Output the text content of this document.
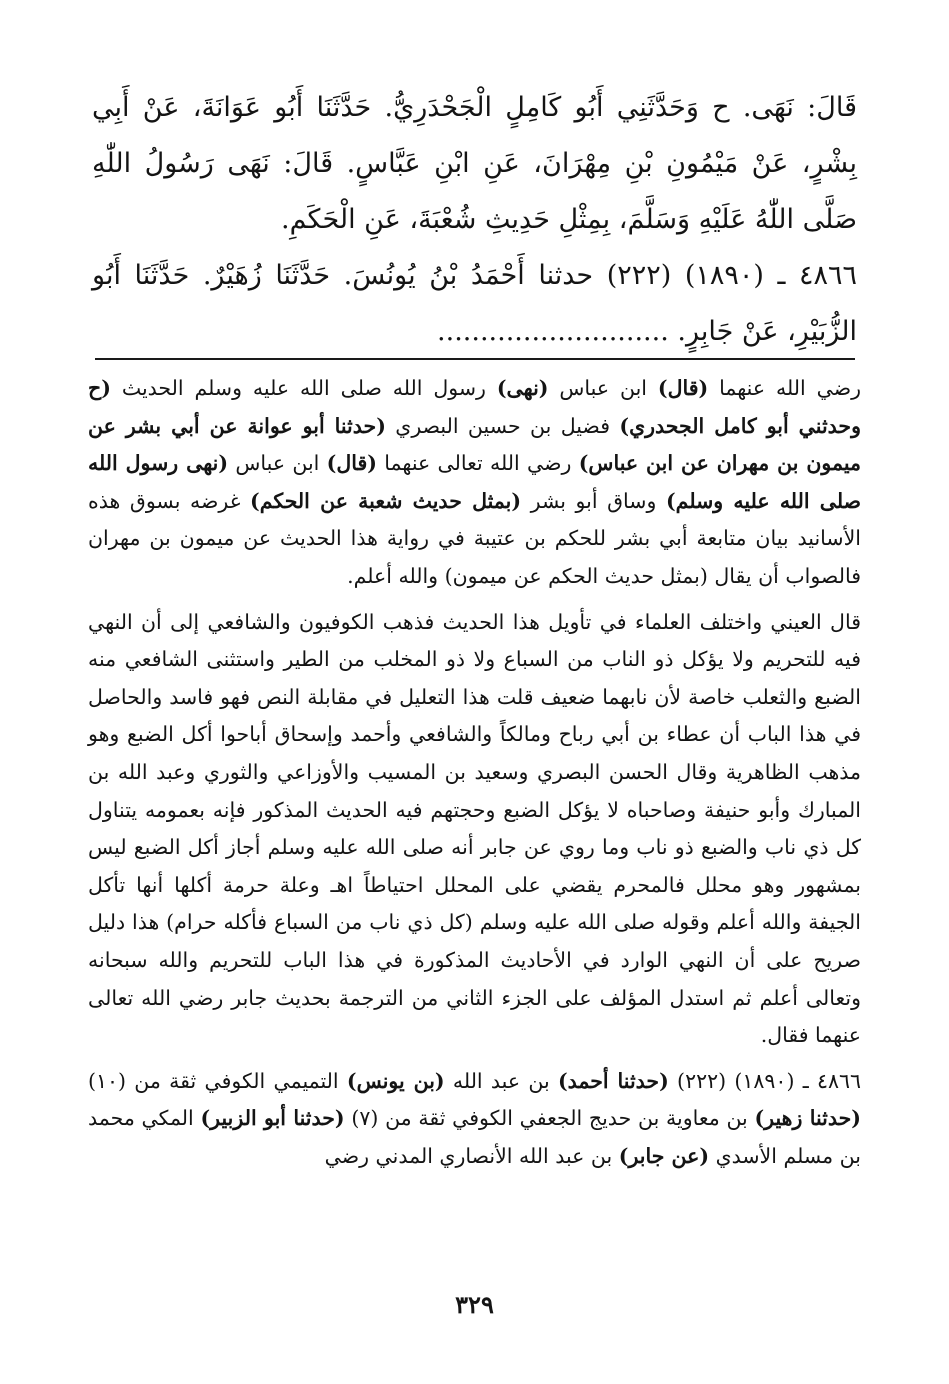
قَالَ: نَهَى. ح وَحَدَّثَنِي أَبُو كَامِلٍ الْجَحْدَرِيُّ. حَدَّثَنَا أَبُو عَوَانَةَ، عَنْ أَبِي بِشْرٍ، عَنْ مَيْمُونِ بْنِ مِهْرَانَ، عَنِ ابْنِ عَبَّاسٍ. قَالَ: نَهَى رَسُولُ اللّٰهِ صَلَّى اللّٰهُ عَلَيْهِ وَسَلَّمَ، بِمِثْلِ حَدِيثِ شُعْبَةَ، عَنِ الْحَكَمِ.

٤٨٦٦ ـ (١٨٩٠) (٢٢٢) حدثنا أَحْمَدُ بْنُ يُونُسَ. حَدَّثَنَا زُهَيْرٌ. حَدَّثَنَا أَبُو الزُّبَيْرِ، عَنْ جَابِرٍ. ...........................

رضي الله عنهما (قال) ابن عباس (نهى) رسول الله صلى الله عليه وسلم الحديث (ح وحدثني أبو كامل الجحدري) فضيل بن حسين البصري (حدثنا أبو عوانة عن أبي بشر عن ميمون بن مهران عن ابن عباس) رضي الله تعالى عنهما (قال) ابن عباس (نهى رسول الله صلى الله عليه وسلم) وساق أبو بشر (بمثل حديث شعبة عن الحكم) غرضه بسوق هذه الأسانيد بيان متابعة أبي بشر للحكم بن عتيبة في رواية هذا الحديث عن ميمون بن مهران فالصواب أن يقال (بمثل حديث الحكم عن ميمون) والله أعلم.

قال العيني واختلف العلماء في تأويل هذا الحديث فذهب الكوفيون والشافعي إلى أن النهي فيه للتحريم ولا يؤكل ذو الناب من السباع ولا ذو المخلب من الطير واستثنى الشافعي منه الضبع والثعلب خاصة لأن نابهما ضعيف قلت هذا التعليل في مقابلة النص فهو فاسد والحاصل في هذا الباب أن عطاء بن أبي رباح ومالكاً والشافعي وأحمد وإسحاق أباحوا أكل الضبع وهو مذهب الظاهرية وقال الحسن البصري وسعيد بن المسيب والأوزاعي والثوري وعبد الله بن المبارك وأبو حنيفة وصاحباه لا يؤكل الضبع وحجتهم فيه الحديث المذكور فإنه بعمومه يتناول كل ذي ناب والضبع ذو ناب وما روي عن جابر أنه صلى الله عليه وسلم أجاز أكل الضبع ليس بمشهور وهو محلل فالمحرم يقضي على المحلل احتياطاً اهـ وعلة حرمة أكلها أنها تأكل الجيفة والله أعلم وقوله صلى الله عليه وسلم (كل ذي ناب من السباع فأكله حرام) هذا دليل صريح على أن النهي الوارد في الأحاديث المذكورة في هذا الباب للتحريم والله سبحانه وتعالى أعلم ثم استدل المؤلف على الجزء الثاني من الترجمة بحديث جابر رضي الله تعالى عنهما فقال.

٤٨٦٦ ـ (١٨٩٠) (٢٢٢) (حدثنا أحمد) بن عبد الله (بن يونس) التميمي الكوفي ثقة من (١٠) (حدثنا زهير) بن معاوية بن حديج الجعفي الكوفي ثقة من (٧) (حدثنا أبو الزبير) المكي محمد بن مسلم الأسدي (عن جابر) بن عبد الله الأنصاري المدني رضي

٣٢٩
